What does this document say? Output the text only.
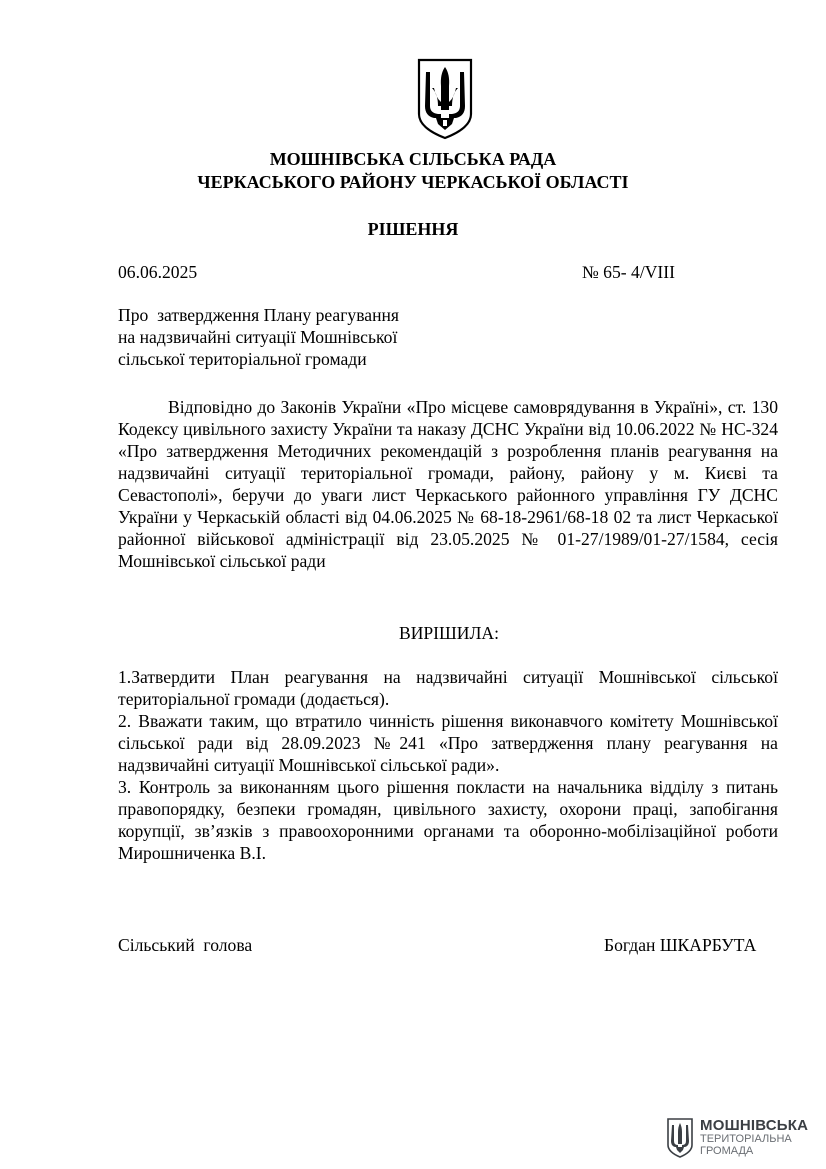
МОШНІВСЬКА СІЛЬСЬКА РАДА
ЧЕРКАСЬКОГО РАЙОНУ ЧЕРКАСЬКОЇ ОБЛАСТІ
РІШЕННЯ
06.06.2025	№ 65- 4/VIII
Про  затвердження Плану реагування
на надзвичайні ситуації Мошнівської
сільської територіальної громади
Відповідно до Законів України «Про місцеве самоврядування в Україні», ст. 130 Кодексу цивільного захисту України та наказу ДСНС України від 10.06.2022 № НС-324 «Про затвердження Методичних рекомендацій з розроблення планів реагування на надзвичайні ситуації територіальної громади, району, району у м. Києві та Севастополі», беручи до уваги лист Черкаського районного управління ГУ ДСНС України у Черкаській області від 04.06.2025 № 68-18-2961/68-18 02 та лист Черкаської районної військової адміністрації від 23.05.2025 № 01-27/1989/01-27/1584, сесія Мошнівської сільської ради
ВИРІШИЛА:

1.Затвердити План реагування на надзвичайні ситуації Мошнівської сільської територіальної громади (додається).

2. Вважати таким, що втратило чинність рішення виконавчого комітету Мошнівської сільської ради від 28.09.2023 №241 «Про затвердження плану реагування на надзвичайні ситуації Мошнівської сільської ради».

3. Контроль за виконанням цього рішення покласти на начальника відділу з питань правопорядку, безпеки громадян, цивільного захисту, охорони праці, запобігання корупції, зв’язків з правоохоронними органами та оборонно-мобілізаційної роботи Мирошниченка В.І.

Сільський  голова	Богдан ШКАРБУТА
МОШНІВСЬКА
ТЕРИТОРІАЛЬНА
ГРОМАДА
